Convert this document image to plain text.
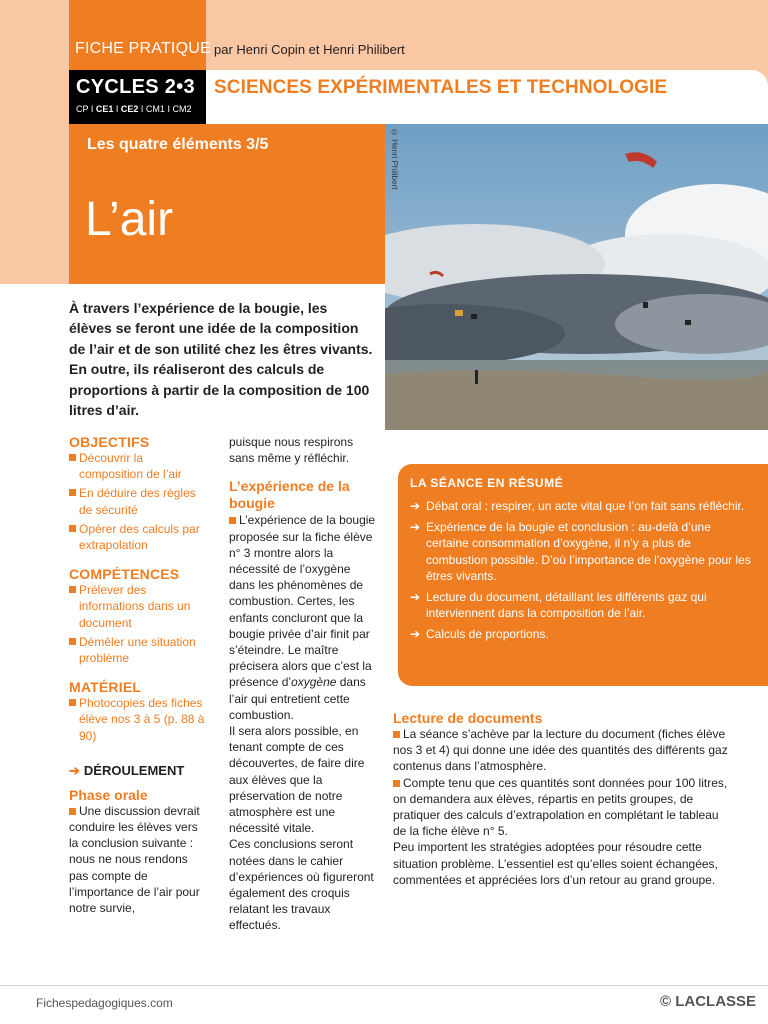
FICHE PRATIQUE par Henri Copin et Henri Philibert
CYCLES 2•3
CP I CE1 I CE2 I CM1 I CM2
SCIENCES EXPÉRIMENTALES ET TECHNOLOGIE
Les quatre éléments 3/5
L’air
© Henri Philibert
À travers l’expérience de la bougie, les élèves se feront une idée de la composition de l’air et de son utilité chez les êtres vivants. En outre, ils réaliseront des calculs de proportions à partir de la composition de 100 litres d’air.
OBJECTIFS
Découvrir la composition de l’air
En déduire des règles de sécurité
Opérer des calculs par extrapolation
COMPÉTENCES
Prélever des informations dans un document
Démêler une situation problème
MATÉRIEL
Photocopies des fiches élève nos 3 à 5 (p. 88 à 90)
➔ DÉROULEMENT
Phase orale
Une discussion devrait conduire les élèves vers la conclusion suivante : nous ne nous rendons pas compte de l’importance de l’air pour notre survie,
puisque nous respirons sans même y réfléchir.
L’expérience de la bougie
L’expérience de la bougie proposée sur la fiche élève n° 3 montre alors la nécessité de l’oxygène dans les phénomènes de combustion. Certes, les enfants concluront que la bougie privée d’air finit par s’éteindre. Le maître précisera alors que c’est la présence d’oxygène dans l’air qui entretient cette combustion.
Il sera alors possible, en tenant compte de ces découvertes, de faire dire aux élèves que la préservation de notre atmosphère est une nécessité vitale.
Ces conclusions seront notées dans le cahier d’expériences où figureront également des croquis relatant les travaux effectués.
LA SÉANCE EN RÉSUMÉ
➔ Débat oral : respirer, un acte vital que l’on fait sans réfléchir.
➔ Expérience de la bougie et conclusion : au-delà d’une certaine consommation d’oxygène, il n’y a plus de combustion possible. D’où l’importance de l’oxygène pour les êtres vivants.
➔ Lecture du document, détaillant les différents gaz qui interviennent dans la composition de l’air.
➔ Calculs de proportions.
Lecture de documents
La séance s’achève par la lecture du document (fiches élève nos 3 et 4) qui donne une idée des quantités des différents gaz contenus dans l’atmosphère.
Compte tenu que ces quantités sont données pour 100 litres, on demandera aux élèves, répartis en petits groupes, de pratiquer des calculs d’extrapolation en complétant le tableau de la fiche élève n° 5.
Peu importent les stratégies adoptées pour résoudre cette situation problème. L’essentiel est qu’elles soient échangées, commentées et appréciées lors d’un retour au grand groupe.
Fichespedagogiques.com	© LACLASSE
